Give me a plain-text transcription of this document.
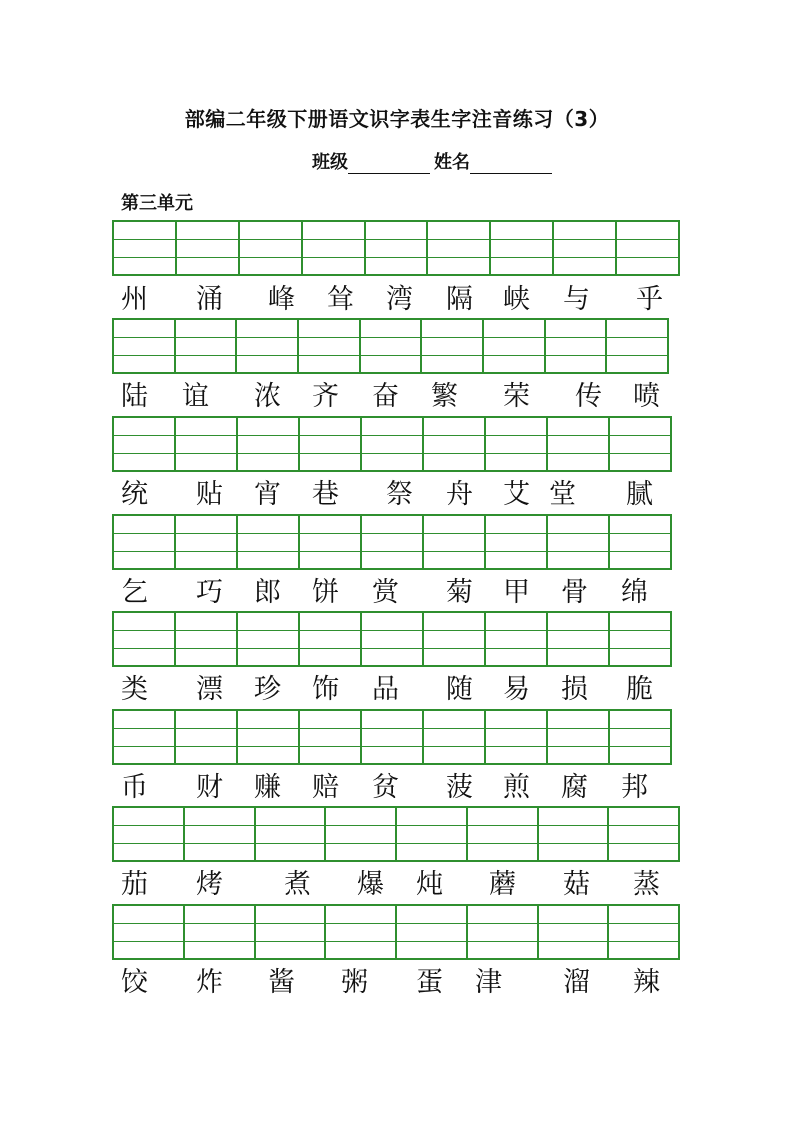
部编二年级下册语文识字表生字注音练习（3）
班级	姓名
第三单元
州 涌 峰 耸 湾 隔 峡 与 乎
陆 谊 浓 齐 奋 繁 荣 传 喷
统 贴 宵 巷 祭 舟 艾 堂 腻
乞 巧 郎 饼 赏 菊 甲 骨 绵
类 漂 珍 饰 品 随 易 损 脆
币 财 赚 赔 贫 菠 煎 腐 邦
茄 烤 煮 爆 炖 蘑 菇 蒸
饺 炸 酱 粥 蛋 津 溜 辣
